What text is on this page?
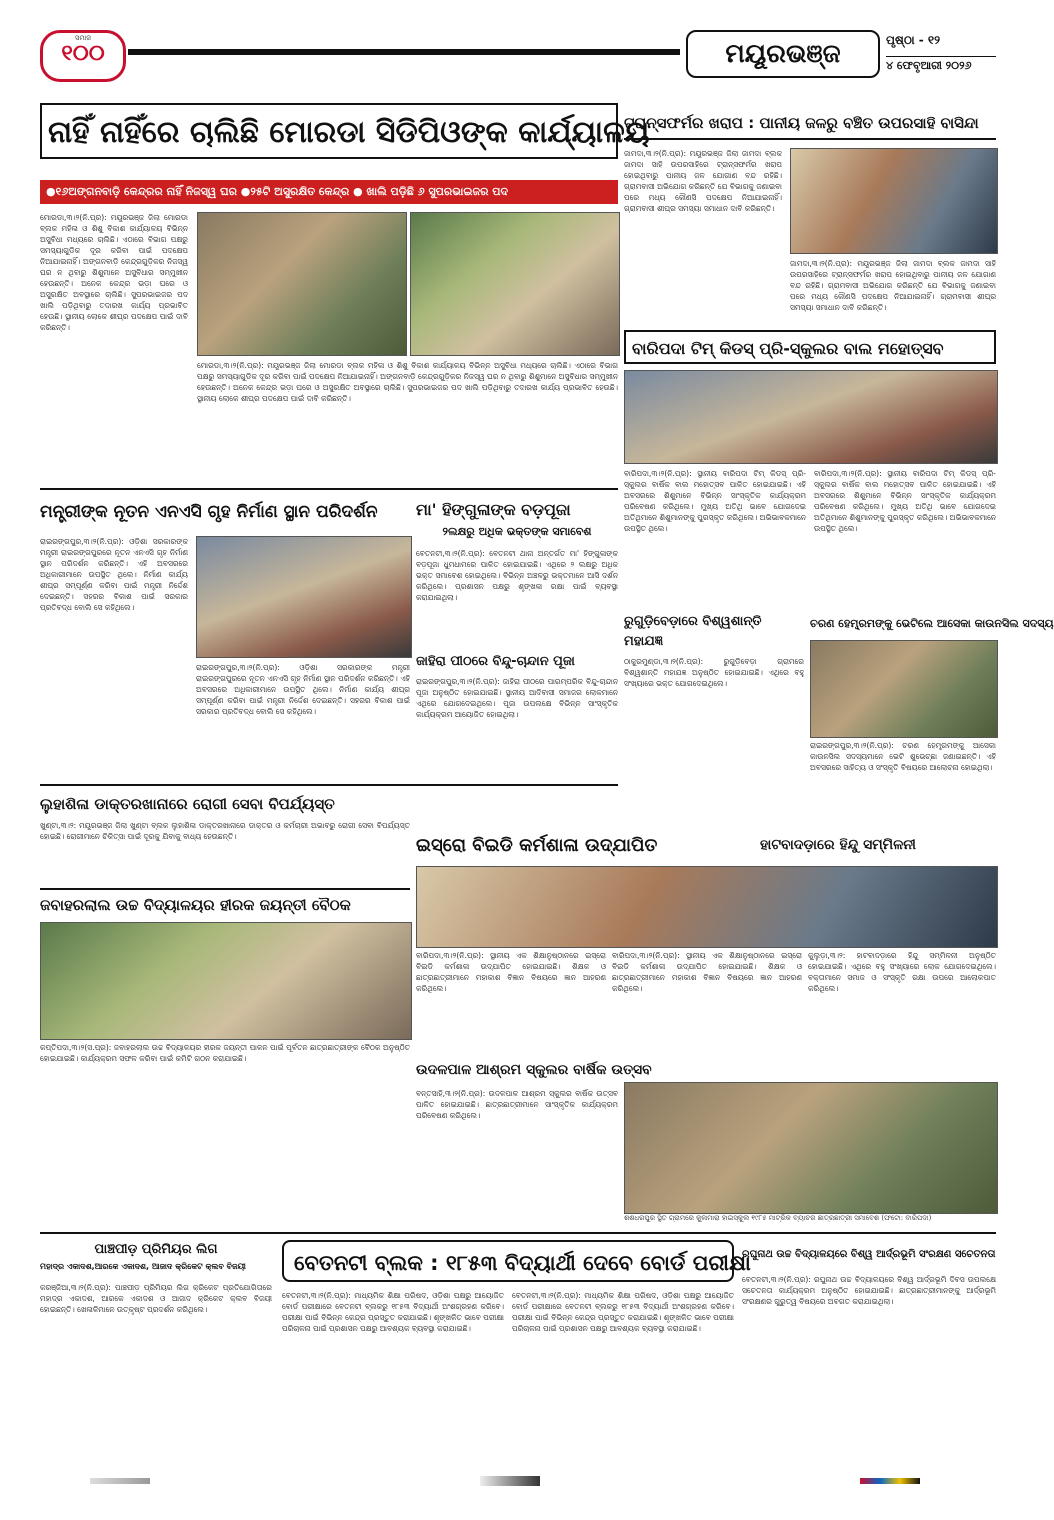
ସମାଜ
୧୦୦	ମୟୂରଭଞ୍ଜ	ପୃଷ୍ଠା - ୧୨
୪ ଫେବୃଆରୀ ୨୦୨୬
ନାହିଁ ନାହିଁରେ ଚାଲିଛି ମୋରଡା ସିଡିପିଓଙ୍କ କାର୍ଯ୍ୟାଳୟ
●୧୬ଅଙ୍ଗନବାଡ଼ି କେନ୍ଦ୍ରର ନାହିଁ ନିଜସ୍ୱ ଘର ●୨୫ଟି ଅସୁରକ୍ଷିତ କେନ୍ଦ୍ର ● ଖାଲି ପଡ଼ିଛି ୬ ସୁପରଭାଇଜର ପଦ
ମୋରଡା,୩।୨(ନି.ପ୍ର): ମୟୂରଭଞ୍ଜ ଜିଲା ମୋରଡା ବ୍ଲକ ମହିଳା ଓ ଶିଶୁ ବିକାଶ କାର୍ଯ୍ୟାଳୟ ବିଭିନ୍ନ ଅସୁବିଧା ମଧ୍ୟରେ ଚାଲିଛି। ଏଠାରେ ବିଭାଗ ପକ୍ଷରୁ ସମସ୍ୟାଗୁଡିକ ଦୂର କରିବା ପାଇଁ ପଦକ୍ଷେପ ନିଆଯାଇନାହିଁ। ଅଙ୍ଗନବାଡ଼ି କେନ୍ଦ୍ରଗୁଡ଼ିକର ନିଜସ୍ୱ ଘର ନ ଥିବାରୁ ଶିଶୁମାନେ ଅସୁବିଧାର ସମ୍ମୁଖୀନ ହେଉଛନ୍ତି। ଅନେକ କେନ୍ଦ୍ର ଭଡ଼ା ଘରେ ଓ ଅସୁରକ୍ଷିତ ଅବସ୍ଥାରେ ଚାଲିଛି। ସୁପରଭାଇଜର ପଦ ଖାଲି ପଡ଼ିଥିବାରୁ ତଦାରଖ କାର୍ଯ୍ୟ ପ୍ରଭାବିତ ହେଉଛି। ସ୍ଥାନୀୟ ଲୋକେ ଶୀଘ୍ର ପଦକ୍ଷେପ ପାଇଁ ଦାବି କରିଛନ୍ତି।
ମୋରଡା,୩।୨(ନି.ପ୍ର): ମୟୂରଭଞ୍ଜ ଜିଲା ମୋରଡା ବ୍ଲକ ମହିଳା ଓ ଶିଶୁ ବିକାଶ କାର୍ଯ୍ୟାଳୟ ବିଭିନ୍ନ ଅସୁବିଧା ମଧ୍ୟରେ ଚାଲିଛି। ଏଠାରେ ବିଭାଗ ପକ୍ଷରୁ ସମସ୍ୟାଗୁଡିକ ଦୂର କରିବା ପାଇଁ ପଦକ୍ଷେପ ନିଆଯାଇନାହିଁ। ଅଙ୍ଗନବାଡ଼ି କେନ୍ଦ୍ରଗୁଡ଼ିକର ନିଜସ୍ୱ ଘର ନ ଥିବାରୁ ଶିଶୁମାନେ ଅସୁବିଧାର ସମ୍ମୁଖୀନ ହେଉଛନ୍ତି। ଅନେକ କେନ୍ଦ୍ର ଭଡ଼ା ଘରେ ଓ ଅସୁରକ୍ଷିତ ଅବସ୍ଥାରେ ଚାଲିଛି। ସୁପରଭାଇଜର ପଦ ଖାଲି ପଡ଼ିଥିବାରୁ ତଦାରଖ କାର୍ଯ୍ୟ ପ୍ରଭାବିତ ହେଉଛି। ସ୍ଥାନୀୟ ଲୋକେ ଶୀଘ୍ର ପଦକ୍ଷେପ ପାଇଁ ଦାବି କରିଛନ୍ତି।
ଟ୍ରାନ୍ସଫର୍ମର ଖରାପ : ପାନୀୟ ଜଳରୁ ବଞ୍ଚିତ ଉପରସାହି ବାସିନ୍ଦା
ଜାମଦା,୩।୨(ନି.ପ୍ର): ମୟୂରଭଞ୍ଜ ଜିଲା ଜାମଦା ବ୍ଲକ ଜାମଦା ସାହି ଉପରସାହିରେ ଟ୍ରାନ୍ସଫର୍ମର ଖରାପ ହୋଇଥିବାରୁ ପାନୀୟ ଜଳ ଯୋଗାଣ ବନ୍ଦ ରହିଛି। ଗ୍ରାମବାସୀ ଅଭିଯୋଗ କରିଛନ୍ତି ଯେ ବିଭାଗକୁ ଜଣାଇବା ପରେ ମଧ୍ୟ କୌଣସି ପଦକ୍ଷେପ ନିଆଯାଇନାହିଁ। ଗ୍ରାମବାସୀ ଶୀଘ୍ର ସମସ୍ୟା ସମାଧାନ ଦାବି କରିଛନ୍ତି।
ଜାମଦା,୩।୨(ନି.ପ୍ର): ମୟୂରଭଞ୍ଜ ଜିଲା ଜାମଦା ବ୍ଲକ ଜାମଦା ସାହି ଉପରସାହିରେ ଟ୍ରାନ୍ସଫର୍ମର ଖରାପ ହୋଇଥିବାରୁ ପାନୀୟ ଜଳ ଯୋଗାଣ ବନ୍ଦ ରହିଛି। ଗ୍ରାମବାସୀ ଅଭିଯୋଗ କରିଛନ୍ତି ଯେ ବିଭାଗକୁ ଜଣାଇବା ପରେ ମଧ୍ୟ କୌଣସି ପଦକ୍ଷେପ ନିଆଯାଇନାହିଁ। ଗ୍ରାମବାସୀ ଶୀଘ୍ର ସମସ୍ୟା ସମାଧାନ ଦାବି କରିଛନ୍ତି।
ବାରିପଦା ଟିମ୍ କିଡସ୍ ପ୍ରି-ସ୍କୁଲର ବାଲ ମହୋତ୍ସବ
ବାରିପଦା,୩।୨(ନି.ପ୍ର): ସ୍ଥାନୀୟ ବାରିପଦା ଟିମ୍ କିଡସ୍ ପ୍ରି-ସ୍କୁଲର ବାର୍ଷିକ ବାଲ ମହୋତ୍ସବ ପାଳିତ ହୋଇଯାଇଛି। ଏହି ଅବସରରେ ଶିଶୁମାନେ ବିଭିନ୍ନ ସାଂସ୍କୃତିକ କାର୍ଯ୍ୟକ୍ରମ ପରିବେଷଣ କରିଥିଲେ। ମୁଖ୍ୟ ଅତିଥି ଭାବେ ଯୋଗଦେଇ ଅତିଥିମାନେ ଶିଶୁମାନଙ୍କୁ ପୁରସ୍କୃତ କରିଥିଲେ। ଅଭିଭାବକମାନେ ଉପସ୍ଥିତ ଥିଲେ।
ବାରିପଦା,୩।୨(ନି.ପ୍ର): ସ୍ଥାନୀୟ ବାରିପଦା ଟିମ୍ କିଡସ୍ ପ୍ରି-ସ୍କୁଲର ବାର୍ଷିକ ବାଲ ମହୋତ୍ସବ ପାଳିତ ହୋଇଯାଇଛି। ଏହି ଅବସରରେ ଶିଶୁମାନେ ବିଭିନ୍ନ ସାଂସ୍କୃତିକ କାର୍ଯ୍ୟକ୍ରମ ପରିବେଷଣ କରିଥିଲେ। ମୁଖ୍ୟ ଅତିଥି ଭାବେ ଯୋଗଦେଇ ଅତିଥିମାନେ ଶିଶୁମାନଙ୍କୁ ପୁରସ୍କୃତ କରିଥିଲେ। ଅଭିଭାବକମାନେ ଉପସ୍ଥିତ ଥିଲେ।
ମନ୍ତ୍ରୀଙ୍କ ନୂତନ ଏନଏସି ଗୃହ ନିର୍ମାଣ ସ୍ଥାନ ପରିଦର୍ଶନ
ରାଇରଙ୍ଗପୁର,୩।୨(ନି.ପ୍ର): ଓଡ଼ିଶା ସରକାରଙ୍କ ମନ୍ତ୍ରୀ ରାଇରଙ୍ଗପୁରରେ ନୂତନ ଏନଏସି ଗୃହ ନିର୍ମାଣ ସ୍ଥାନ ପରିଦର୍ଶନ କରିଛନ୍ତି। ଏହି ଅବସରରେ ଅଧିକାରୀମାନେ ଉପସ୍ଥିତ ଥିଲେ। ନିର୍ମାଣ କାର୍ଯ୍ୟ ଶୀଘ୍ର ସମ୍ପୂର୍ଣ୍ଣ କରିବା ପାଇଁ ମନ୍ତ୍ରୀ ନିର୍ଦ୍ଦେଶ ଦେଇଛନ୍ତି। ସହରର ବିକାଶ ପାଇଁ ସରକାର ପ୍ରତିବଦ୍ଧ ବୋଲି ସେ କହିଥିଲେ।
ରାଇରଙ୍ଗପୁର,୩।୨(ନି.ପ୍ର): ଓଡ଼ିଶା ସରକାରଙ୍କ ମନ୍ତ୍ରୀ ରାଇରଙ୍ଗପୁରରେ ନୂତନ ଏନଏସି ଗୃହ ନିର୍ମାଣ ସ୍ଥାନ ପରିଦର୍ଶନ କରିଛନ୍ତି। ଏହି ଅବସରରେ ଅଧିକାରୀମାନେ ଉପସ୍ଥିତ ଥିଲେ। ନିର୍ମାଣ କାର୍ଯ୍ୟ ଶୀଘ୍ର ସମ୍ପୂର୍ଣ୍ଣ କରିବା ପାଇଁ ମନ୍ତ୍ରୀ ନିର୍ଦ୍ଦେଶ ଦେଇଛନ୍ତି। ସହରର ବିକାଶ ପାଇଁ ସରକାର ପ୍ରତିବଦ୍ଧ ବୋଲି ସେ କହିଥିଲେ।
ମା' ହିଙ୍ଗୁଳାଙ୍କ ବଡ଼ପୂଜା
୨ଲକ୍ଷରୁ ଅଧିକ ଭକ୍ତଙ୍କ ସମାବେଶ
ବେତନଟୀ,୩।୨(ନି.ପ୍ର): ବେତନଟୀ ଥାନା ଅନ୍ତର୍ଗତ ମା' ହିଙ୍ଗୁଳାଙ୍କ ବଡ଼ପୂଜା ଧୁମଧାମରେ ପାଳିତ ହୋଇଯାଇଛି। ଏଥିରେ ୨ ଲକ୍ଷରୁ ଅଧିକ ଭକ୍ତ ସମାବେଶ ହୋଇଥିଲେ। ବିଭିନ୍ନ ଅଞ୍ଚଳରୁ ଭକ୍ତମାନେ ଆସି ଦର୍ଶନ କରିଥିଲେ। ପ୍ରଶାସନ ପକ୍ଷରୁ ଶୃଙ୍ଖଳା ରକ୍ଷା ପାଇଁ ବ୍ୟବସ୍ଥା କରାଯାଇଥିଲା।
ଜାହିରା ପୀଠରେ ବିନ୍ଦୁ-ଚାନ୍ଦାନ ପୂଜା
ରାଇରଙ୍ଗପୁର,୩।୨(ନି.ପ୍ର): ଜାହିରା ପୀଠରେ ପାରମ୍ପରିକ ବିନ୍ଦୁ-ଚାନ୍ଦାନ ପୂଜା ଅନୁଷ୍ଠିତ ହୋଇଯାଇଛି। ସ୍ଥାନୀୟ ଆଦିବାସୀ ସମାଜର ଲୋକମାନେ ଏଥିରେ ଯୋଗଦେଇଥିଲେ। ପୂଜା ଉପଲକ୍ଷେ ବିଭିନ୍ନ ସାଂସ୍କୃତିକ କାର୍ଯ୍ୟକ୍ରମ ଆୟୋଜିତ ହୋଇଥିଲା।
ରୁଗୁଡ଼ିବେଡ଼ାରେ ବିଶ୍ୱଶାନ୍ତି ମହାଯଜ୍ଞ
ଠାକୁରମୁଣ୍ଡା,୩।୨(ନି.ପ୍ର): ରୁଗୁଡ଼ିବେଡ଼ା ଗ୍ରାମରେ ବିଶ୍ୱଶାନ୍ତି ମହାଯଜ୍ଞ ଅନୁଷ୍ଠିତ ହୋଇଯାଇଛି। ଏଥିରେ ବହୁ ସଂଖ୍ୟାରେ ଭକ୍ତ ଯୋଗଦେଇଥିଲେ।
ଚରଣ ହେମ୍ବ୍ରମଙ୍କୁ ଭେଟିଲେ ଆସେକା କାଉନସିଲ ସଦସ୍ୟ
ରାଇରଙ୍ଗପୁର,୩।୨(ନି.ପ୍ର): ଚରଣ ହେମ୍ବ୍ରମଙ୍କୁ ଆସେକା କାଉନସିଲ ସଦସ୍ୟମାନେ ଭେଟି ଶୁଭେଚ୍ଛା ଜଣାଇଛନ୍ତି। ଏହି ଅବସରରେ ସାହିତ୍ୟ ଓ ସଂସ୍କୃତି ବିଷୟରେ ଆଲୋଚନା ହୋଇଥିଲା।
ଲୁହାଶିଳା ଡାକ୍ତରଖାନାରେ ରୋଗୀ ସେବା ବିପର୍ଯ୍ୟସ୍ତ
ଖୁଣ୍ଟା,୩।୨: ମୟୂରଭଞ୍ଜ ଜିଲା ଖୁଣ୍ଟା ବ୍ଲକ ଲୁହାଶିଳା ଡାକ୍ତରଖାନାରେ ଡାକ୍ତର ଓ କର୍ମଚାରୀ ଅଭାବରୁ ରୋଗୀ ସେବା ବିପର୍ଯ୍ୟସ୍ତ ହୋଇଛି। ରୋଗୀମାନେ ଚିକିତ୍ସା ପାଇଁ ଦୂରକୁ ଯିବାକୁ ବାଧ୍ୟ ହେଉଛନ୍ତି।	ଇସ୍ରୋ ବିଇଡି କର୍ମଶାଳା ଉଦ୍ଯାପିତ
ବାରିପଦା,୩।୨(ନି.ପ୍ର): ସ୍ଥାନୀୟ ଏକ ଶିକ୍ଷାନୁଷ୍ଠାନରେ ଇସ୍ରୋ ବିଇଡି କର୍ମଶାଳା ଉଦ୍ଯାପିତ ହୋଇଯାଇଛି। ଶିକ୍ଷକ ଓ ଛାତ୍ରଛାତ୍ରୀମାନେ ମହାକାଶ ବିଜ୍ଞାନ ବିଷୟରେ ଜ୍ଞାନ ଆହରଣ କରିଥିଲେ।
ବାରିପଦା,୩।୨(ନି.ପ୍ର): ସ୍ଥାନୀୟ ଏକ ଶିକ୍ଷାନୁଷ୍ଠାନରେ ଇସ୍ରୋ ବିଇଡି କର୍ମଶାଳା ଉଦ୍ଯାପିତ ହୋଇଯାଇଛି। ଶିକ୍ଷକ ଓ ଛାତ୍ରଛାତ୍ରୀମାନେ ମହାକାଶ ବିଜ୍ଞାନ ବିଷୟରେ ଜ୍ଞାନ ଆହରଣ କରିଥିଲେ।
ହାଟବାଦଡ଼ାରେ ହିନ୍ଦୁ ସମ୍ମିଳନୀ
କୁଲୁଡ଼ା,୩।୨: ହାଟବାଦଡ଼ାରେ ହିନ୍ଦୁ ସମ୍ମିଳନୀ ଅନୁଷ୍ଠିତ ହୋଇଯାଇଛି। ଏଥିରେ ବହୁ ସଂଖ୍ୟାରେ ଲୋକ ଯୋଗଦେଇଥିଲେ। ବକ୍ତାମାନେ ସମାଜ ଓ ସଂସ୍କୃତି ରକ୍ଷା ଉପରେ ଆଲୋକପାତ କରିଥିଲେ।
ଜବାହରଲାଲ ଉଚ୍ଚ ବିଦ୍ୟାଳୟର ହୀରକ ଜୟନ୍ତୀ ବୈଠକ
କପ୍ତିପଦା,୩।୨(ସ.ପ୍ର): ଜବାହରଲାଲ ଉଚ୍ଚ ବିଦ୍ୟାଳୟର ହୀରକ ଜୟନ୍ତୀ ପାଳନ ପାଇଁ ପୂର୍ବତନ ଛାତ୍ରଛାତ୍ରୀଙ୍କ ବୈଠକ ଅନୁଷ୍ଠିତ ହୋଇଯାଇଛି। କାର୍ଯ୍ୟକ୍ରମ ସଫଳ କରିବା ପାଇଁ କମିଟି ଗଠନ କରାଯାଇଛି।
ଉଦଳପାଳ ଆଶ୍ରମ ସ୍କୁଲର ବାର୍ଷିକ ଉତ୍ସବ
ବନ୍ତସାହି,୩।୨(ନି.ପ୍ର): ଉଦଳପାଳ ଆଶ୍ରମ ସ୍କୁଲର ବାର୍ଷିକ ଉତ୍ସବ ପାଳିତ ହୋଇଯାଇଛି। ଛାତ୍ରଛାତ୍ରୀମାନେ ସାଂସ୍କୃତିକ କାର୍ଯ୍ୟକ୍ରମ ପରିବେଷଣ କରିଥିଲେ।
ଶଶଧରପୁର ସ୍ଥିତ ଗ୍ରାମରେ କୁଳାମାରା ହାଇସ୍କୁଲ ୧୯୮୫ ମାଟ୍ରିକ ବ୍ୟାଚର ଛାତ୍ରଛାତ୍ରୀ ସମାବେଶ (ଫଟୋ: ବାରିପଦା)
ପାଞ୍ଚପୀଡ଼ ପ୍ରିମିୟର ଲିଗ
ମହାଦ୍ର ଏକାଦଶ,ଆରକେ ଏକାଦଶ, ଆଜାଦ କ୍ରିକେଟ କ୍ଲବ ବିଜୟୀ
କରଞ୍ଜିଆ,୩।୨(ନି.ପ୍ର): ପାଞ୍ଚପୀଡ଼ ପ୍ରିମିୟର ଲିଗ କ୍ରିକେଟ ପ୍ରତିଯୋଗିତାରେ ମହାଦ୍ର ଏକାଦଶ, ଆରକେ ଏକାଦଶ ଓ ଆଜାଦ କ୍ରିକେଟ କ୍ଲବ ବିଜୟୀ ହୋଇଛନ୍ତି। ଖେଳାଳିମାନେ ଉତ୍କୃଷ୍ଟ ପ୍ରଦର୍ଶନ କରିଥିଲେ।
ବେତନଟୀ ବ୍ଲକ : ୧୮୫୩ ବିଦ୍ୟାର୍ଥୀ ଦେବେ ବୋର୍ଡ ପରୀକ୍ଷା
ବେତନଟୀ,୩।୨(ନି.ପ୍ର): ମାଧ୍ୟମିକ ଶିକ୍ଷା ପରିଷଦ, ଓଡ଼ିଶା ପକ୍ଷରୁ ଆୟୋଜିତ ବୋର୍ଡ ପରୀକ୍ଷାରେ ବେତନଟୀ ବ୍ଲକରୁ ୧୮୫୩ ବିଦ୍ୟାର୍ଥୀ ଅଂଶଗ୍ରହଣ କରିବେ। ପରୀକ୍ଷା ପାଇଁ ବିଭିନ୍ନ କେନ୍ଦ୍ର ପ୍ରସ୍ତୁତ କରାଯାଇଛି। ଶୃଙ୍ଖଳିତ ଭାବେ ପରୀକ୍ଷା ପରିଚାଳନା ପାଇଁ ପ୍ରଶାସନ ପକ୍ଷରୁ ଆବଶ୍ୟକ ବ୍ୟବସ୍ଥା କରାଯାଇଛି।
ବେତନଟୀ,୩।୨(ନି.ପ୍ର): ମାଧ୍ୟମିକ ଶିକ୍ଷା ପରିଷଦ, ଓଡ଼ିଶା ପକ୍ଷରୁ ଆୟୋଜିତ ବୋର୍ଡ ପରୀକ୍ଷାରେ ବେତନଟୀ ବ୍ଲକରୁ ୧୮୫୩ ବିଦ୍ୟାର୍ଥୀ ଅଂଶଗ୍ରହଣ କରିବେ। ପରୀକ୍ଷା ପାଇଁ ବିଭିନ୍ନ କେନ୍ଦ୍ର ପ୍ରସ୍ତୁତ କରାଯାଇଛି। ଶୃଙ୍ଖଳିତ ଭାବେ ପରୀକ୍ଷା ପରିଚାଳନା ପାଇଁ ପ୍ରଶାସନ ପକ୍ଷରୁ ଆବଶ୍ୟକ ବ୍ୟବସ୍ଥା କରାଯାଇଛି।
ରଘୁନାଥ ଉଚ୍ଚ ବିଦ୍ୟାଳୟରେ ବିଶ୍ୱ ଆର୍ଦ୍ରଭୂମି ସଂରକ୍ଷଣ ସଚେତନତା
ବେତନଟୀ,୩।୨(ନି.ପ୍ର): ରଘୁନାଥ ଉଚ୍ଚ ବିଦ୍ୟାଳୟରେ ବିଶ୍ୱ ଆର୍ଦ୍ରଭୂମି ଦିବସ ଉପଲକ୍ଷେ ସଚେତନତା କାର୍ଯ୍ୟକ୍ରମ ଅନୁଷ୍ଠିତ ହୋଇଯାଇଛି। ଛାତ୍ରଛାତ୍ରୀମାନଙ୍କୁ ଆର୍ଦ୍ରଭୂମି ସଂରକ୍ଷଣର ଗୁରୁତ୍ୱ ବିଷୟରେ ଅବଗତ କରାଯାଇଥିଲା।
